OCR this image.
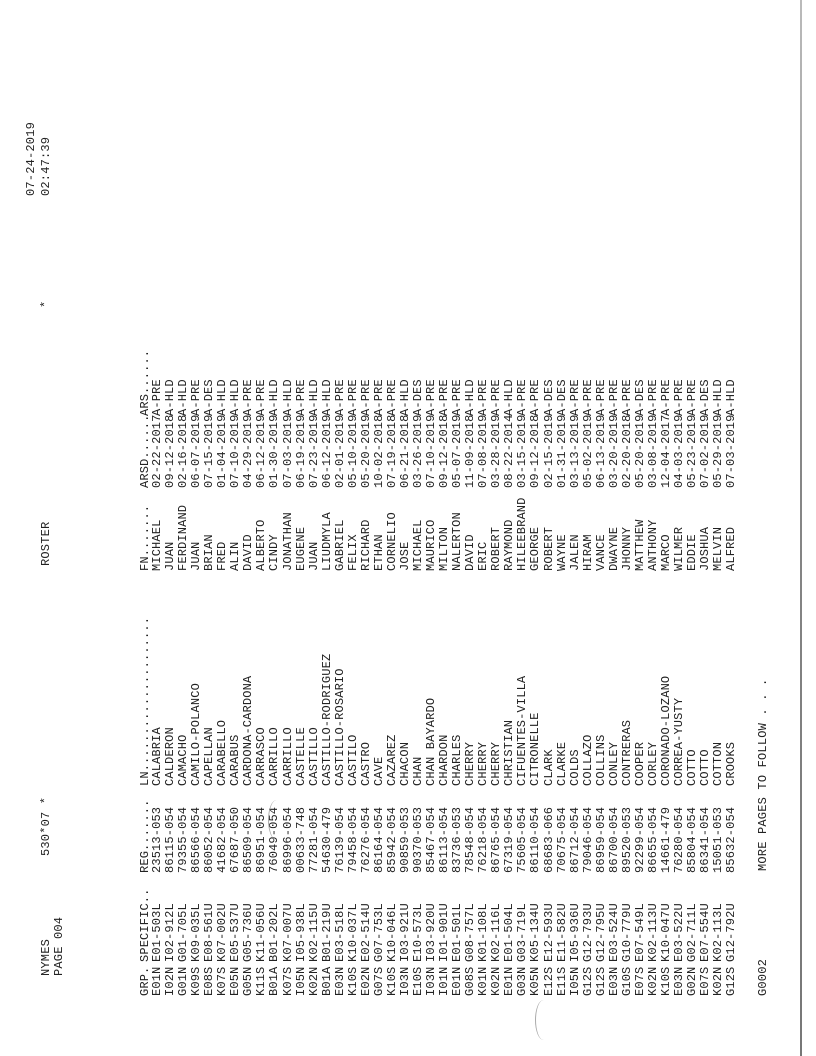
NYMES
530*07 *
PAGE 004
ROSTER
*
07-24-2019 02:47:39
GRP.
SPECIFIC..
REG.......
LN.....................
FN.......
ARSD......
ARS......
E01N
E01-503L
23513-053
CALABRIA
MICHAEL
02-22-2017
A-PRE
I02N
I02-912L
86115-054
CALDERON
JUAN
09-12-2018
A-HLD
G01N
G01-705L
79355-054
CAMACHO
FERDINAND
02-16-2018
A-HLD
K09S
K09-035L
86566-054
CAMILO-POLANCO
JUAN
06-07-2019
A-PRE
E08S
E08-561U
86052-054
CAPELLAN
BRIAN
07-15-2019
A-DES
K07S
K07-002U
41682-054
CARABELLO
FRED
01-04-2019
A-HLD
E05N
E05-537U
67687-050
CARABUS
ALIN
07-10-2019
A-HLD
G05N
G05-736U
86509-054
CARDONA-CARDONA
DAVID
04-29-2019
A-PRE
K11S
K11-056U
86951-054
CARRASCO
ALBERTO
06-12-2019
A-PRE
B01A
B01-202L
76049-054
CARRILLO
CINDY
01-30-2019
A-HLD
K07S
K07-007U
86996-054
CARRILLO
JONATHAN
07-03-2019
A-HLD
I05N
I05-938L
00633-748
CASTELLE
EUGENE
06-19-2019
A-PRE
K02N
K02-115U
77281-054
CASTILLO
JUAN
07-23-2019
A-HLD
B01A
B01-219U
54630-479
CASTILLO-RODRIGUEZ
LIUDMYLA
06-12-2019
A-HLD
E03N
E03-518L
76139-054
CASTILLO-ROSARIO
GABRIEL
02-01-2019
A-PRE
K10S
K10-037L
79458-054
CASTILO
FELIX
05-10-2019
A-PRE
E02N
E02-514U
76276-054
CASTRO
RICHARD
05-20-2019
A-PRE
G07S
G07-753L
86164-054
CAVE
ETHAN
10-02-2018
A-PRE
K10S
K10-046L
85942-054
CAZAREZ
CORNELIO
07-19-2018
A-PRE
I03N
I03-921U
90859-053
CHACON
JOSE
06-21-2018
A-HLD
E10S
E10-573L
90370-053
CHAN
MICHAEL
03-26-2019
A-DES
I03N
I03-920U
85467-054
CHAN BAYARDO
MAURICO
07-10-2019
A-PRE
I01N
I01-901U
86113-054
CHARDON
MILTON
09-12-2018
A-PRE
E01N
E01-501L
83736-053
CHARLES
NALERTON
05-07-2019
A-PRE
G08S
G08-757L
78548-054
CHERRY
DAVID
11-09-2018
A-HLD
K01N
K01-108L
76218-054
CHERRY
ERIC
07-08-2019
A-PRE
K02N
K02-116L
86765-054
CHERRY
ROBERT
03-28-2019
A-PRE
E01N
E01-504L
67319-054
CHRISTIAN
RAYMOND
08-22-2014
A-HLD
G03N
G03-719L
75605-054
CIFUENTES-VILLA
HILEEBRAND
03-15-2019
A-PRE
K05N
K05-134U
86110-054
CITRONELLE
GEORGE
09-12-2018
A-PRE
E12S
E12-593U
68683-066
CLARK
ROBERT
02-15-2019
A-DES
E11S
E11-582U
70675-054
CLARKE
WAYNE
01-31-2019
A-DES
I05N
I05-936U
86712-054
COLDS
JALEN
03-13-2019
A-PRE
G12S
G12-793U
79046-054
COLLAZO
HIRAM
05-02-2019
A-PRE
G12S
G12-795U
86959-054
COLLINS
VANCE
06-13-2019
A-PRE
E03N
E03-524U
86700-054
CONLEY
DWAYNE
03-20-2019
A-PRE
G10S
G10-779U
89520-053
CONTRERAS
JHONNY
02-20-2018
A-PRE
E07S
E07-549L
92299-054
COOPER
MATTHEW
05-20-2019
A-DES
K02N
K02-113U
86655-054
CORLEY
ANTHONY
03-08-2019
A-PRE
K10S
K10-047U
14661-479
CORONADO-LOZANO
MARCO
12-04-2017
A-PRE
E03N
E03-522U
76280-054
CORREA-YUSTY
WILMER
04-03-2019
A-PRE
G02N
G02-711L
85804-054
COTTO
EDDIE
05-23-2019
A-PRE
E07S
E07-554U
86341-054
COTTO
JOSHUA
07-02-2019
A-DES
K02N
K02-113L
15051-053
COTTON
MELVIN
05-29-2019
A-HLD
G12S
G12-792U
85632-054
CROOKS
ALFRED
07-03-2019
A-HLD
G0002
MORE PAGES TO FOLLOW . . .
